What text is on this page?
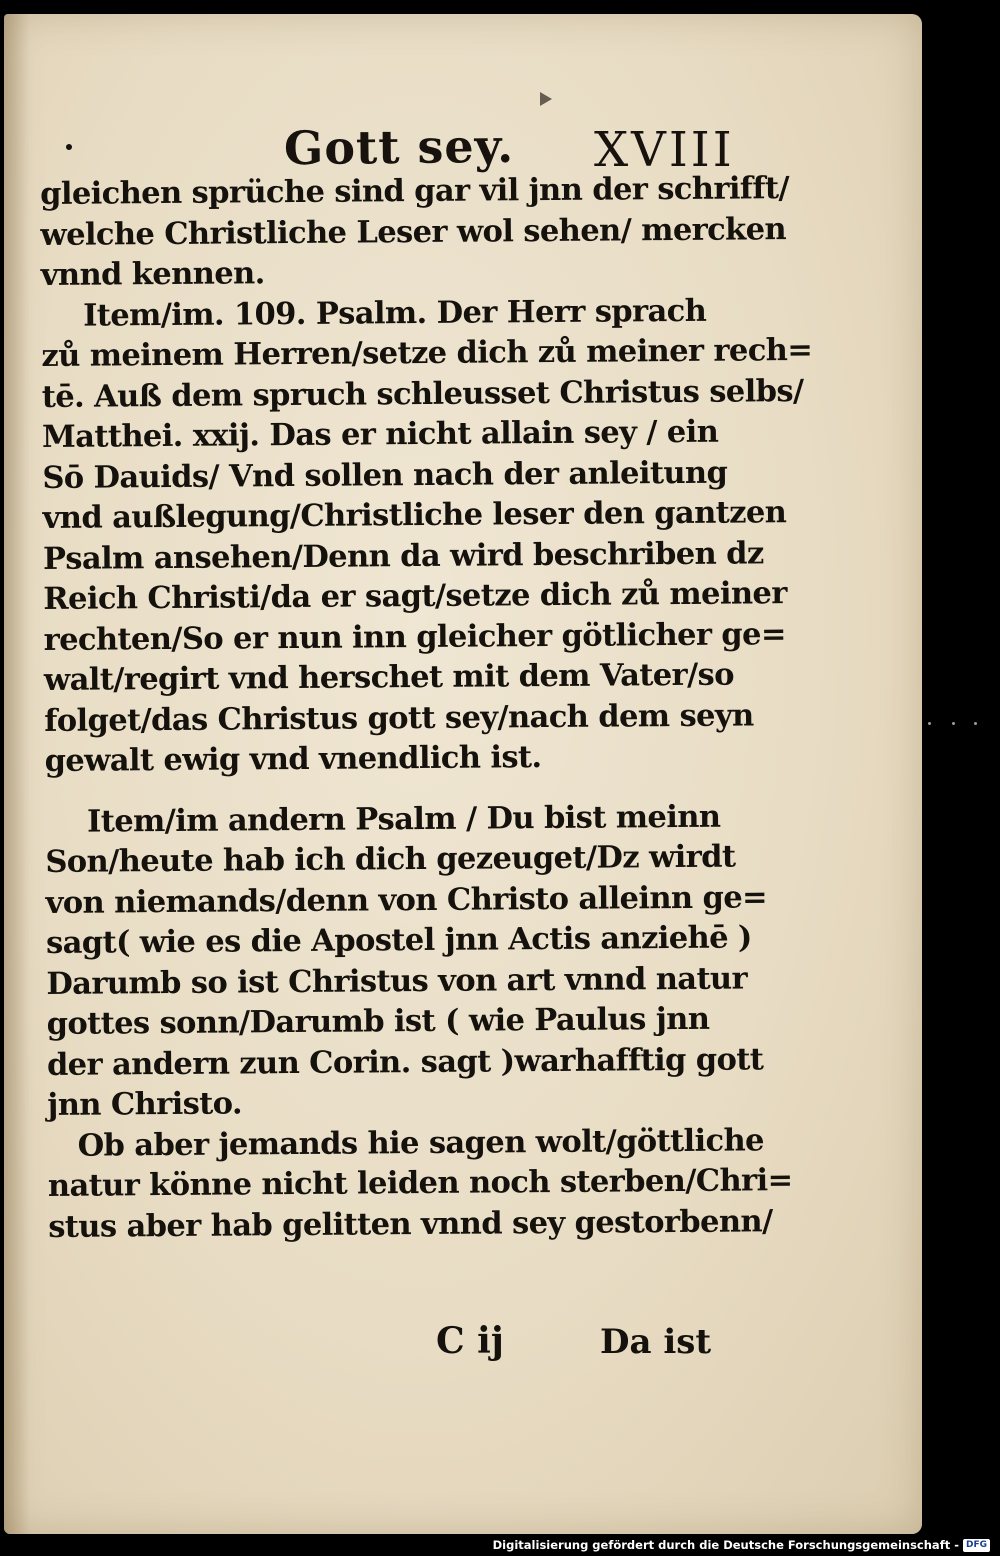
Gott sey. XVIII
gleichen sprüche sind gar vil jnn der schrifft/
welche Christliche Leser wol sehen/ mercken
vnnd kennen.
Item/im. 109. Psalm. Der Herr sprach
zů meinem Herren/setze dich zů meiner rech=
tē. Auß dem spruch schleusset Christus selbs/
Matthei. xxij. Das er nicht allain sey / ein
Sō Dauids/ Vnd sollen nach der anleitung
vnd außlegung/Christliche leser den gantzen
Psalm ansehen/Denn da wird beschriben dz
Reich Christi/da er sagt/setze dich zů meiner
rechten/So er nun inn gleicher götlicher ge=
walt/regirt vnd herschet mit dem Vater/so
folget/das Christus gott sey/nach dem seyn
gewalt ewig vnd vnendlich ist.
Item/im andern Psalm / Du bist meinn
Son/heute hab ich dich gezeuget/Dz wirdt
von niemands/denn von Christo alleinn ge=
sagt( wie es die Apostel jnn Actis anziehē )
Darumb so ist Christus von art vnnd natur
gottes sonn/Darumb ist ( wie Paulus jnn
der andern zun Corin. sagt )warhafftig gott
jnn Christo.
Ob aber jemands hie sagen wolt/göttliche
natur könne nicht leiden noch sterben/Chri=
stus aber hab gelitten vnnd sey gestorbenn/
C ij	Da ist
Digitalisierung gefördert durch die Deutsche Forschungsgemeinschaft - DFG
